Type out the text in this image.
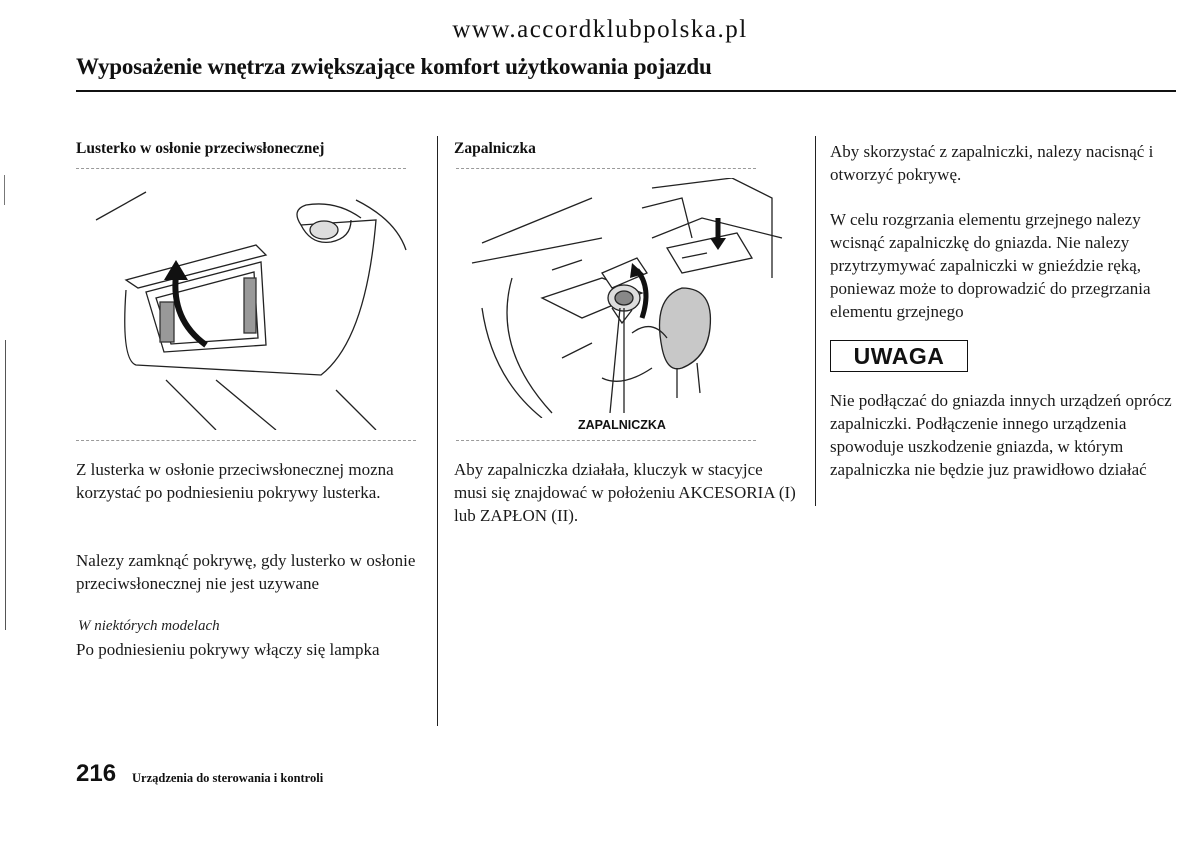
www.accordklubpolska.pl
Wyposażenie wnętrza zwiększające komfort użytkowania pojazdu
Lusterko w osłonie przeciwsłonecznej
Z lusterka w osłonie przeciwsłonecznej mozna korzystać po podniesieniu pokrywy lusterka.
Nalezy zamknąć pokrywę, gdy lusterko w osłonie przeciwsłonecznej nie jest uzywane
W niektórych modelach
Po podniesieniu pokrywy włączy się lampka
Zapalniczka
ZAPALNICZKA
Aby zapalniczka działała, kluczyk w stacyjce musi się znajdować w położeniu AKCESORIA (I) lub ZAPŁON (II).
Aby skorzystać z zapalniczki, nalezy nacisnąć i otworzyć pokrywę.
W celu rozgrzania elementu grzejnego nalezy wcisnąć zapalniczkę do gniazda. Nie nalezy przytrzymywać zapalniczki w gnieździe ręką, poniewaz może to doprowadzić do przegrzania elementu grzejnego
UWAGA
Nie podłączać do gniazda innych urządzeń oprócz zapalniczki. Podłączenie innego urządzenia spowoduje uszkodzenie gniazda, w którym zapalniczka nie będzie juz prawidłowo działać
216 Urządzenia do sterowania i kontroli
